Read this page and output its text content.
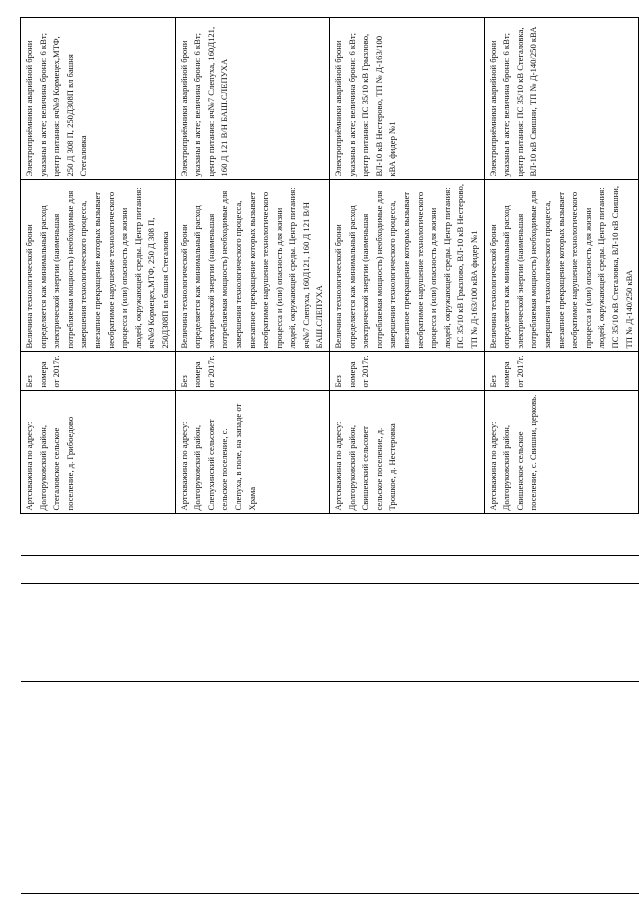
	Артскважина по адресу: Долгоруковский район, Стегаловское сельское поселение, д. Грибоедово	Без номера от 2017г.	Величина технологической брони определяется как минимальный расход электрической энергии (наименьшая потребляемая мощность) необходимые для завершения технологического процесса, внезапное прекращение которых вызывает необратимое нарушение технологического процесса и (или) опасность для жизни людей, окружающей среды. Центр питания: яч№9 Кормецех,МТФ, 250 Д 308 П, 250Д308П вл башня Стегаловка	Электроприёмники аварийной брони указаны в акте; величина брони: 6 кВт; центр питания: яч№9 Кормецех,МТФ, 250 Д 308 П, 250Д308П вл башня Стегаловка
	Артскважина по адресу: Долгоруковский район, Слепухинский сельсовет сельское поселение, с. Слепуха, в поле, на западе от Храма	Без номера от 2017г.	Величина технологической брони определяется как минимальный расход электрической энергии (наименьшая потребляемая мощность) необходимые для завершения технологического процесса, внезапное прекращение которых вызывает необратимое нарушение технологического процесса и (или) опасность для жизни людей, окружающей среды. Центр питания: яч№7 Слепуха, 160Д121, 160 Д 121 В/Н БАШ.СЛЕПУХА	Электроприёмники аварийной брони указаны в акте; величина брони: 6 кВт; центр питания: яч№7 Слепуха, 160Д121, 160 Д 121 В/Н БАШ.СЛЕПУХА
	Артскважина по адресу: Долгоруковский район, Свишенский сельсовет сельское поселение, д. Трошкое, д. Нестеровка	Без номера от 2017г.	Величина технологической брони определяется как минимальный расход электрической энергии (наименьшая потребляемая мощность) необходимые для завершения технологического процесса, внезапное прекращение которых вызывает необратимое нарушение технологического процесса и (или) опасность для жизни людей, окружающей среды. Центр питания: ПС 35/10 кВ Грызлово, ВЛ-10 кВ Нестерово, ТП № Д-163/100 кВА фидер №1	Электроприёмники аварийной брони указаны в акте; величина брони: 6 кВт; центр питания: ПС 35/10 кВ Грызлово, ВЛ-10 кВ Нестерово, ТП № Д-163/100 кВА фидер №1
	Артскважина по адресу: Долгоруковский район, Свишенское сельское поселение, с. Свишни, церковь.	Без номера от 2017г.	Величина технологической брони определяется как минимальный расход электрической энергии (наименьшая потребляемая мощность) необходимые для завершения технологического процесса, внезапное прекращение которых вызывает необратимое нарушение технологического процесса и (или) опасность для жизни людей, окружающей среды. Центр питания: ПС 35/10 кВ Стегаловка, ВЛ-10 кВ Свишни, ТП № Д-140/250 кВА	Электроприёмники аварийной брони указаны в акте; величина брони: 6 кВт; центр питания: ПС 35/10 кВ Стегаловка, ВЛ-10 кВ Свишни, ТП № Д-140/250 кВА
